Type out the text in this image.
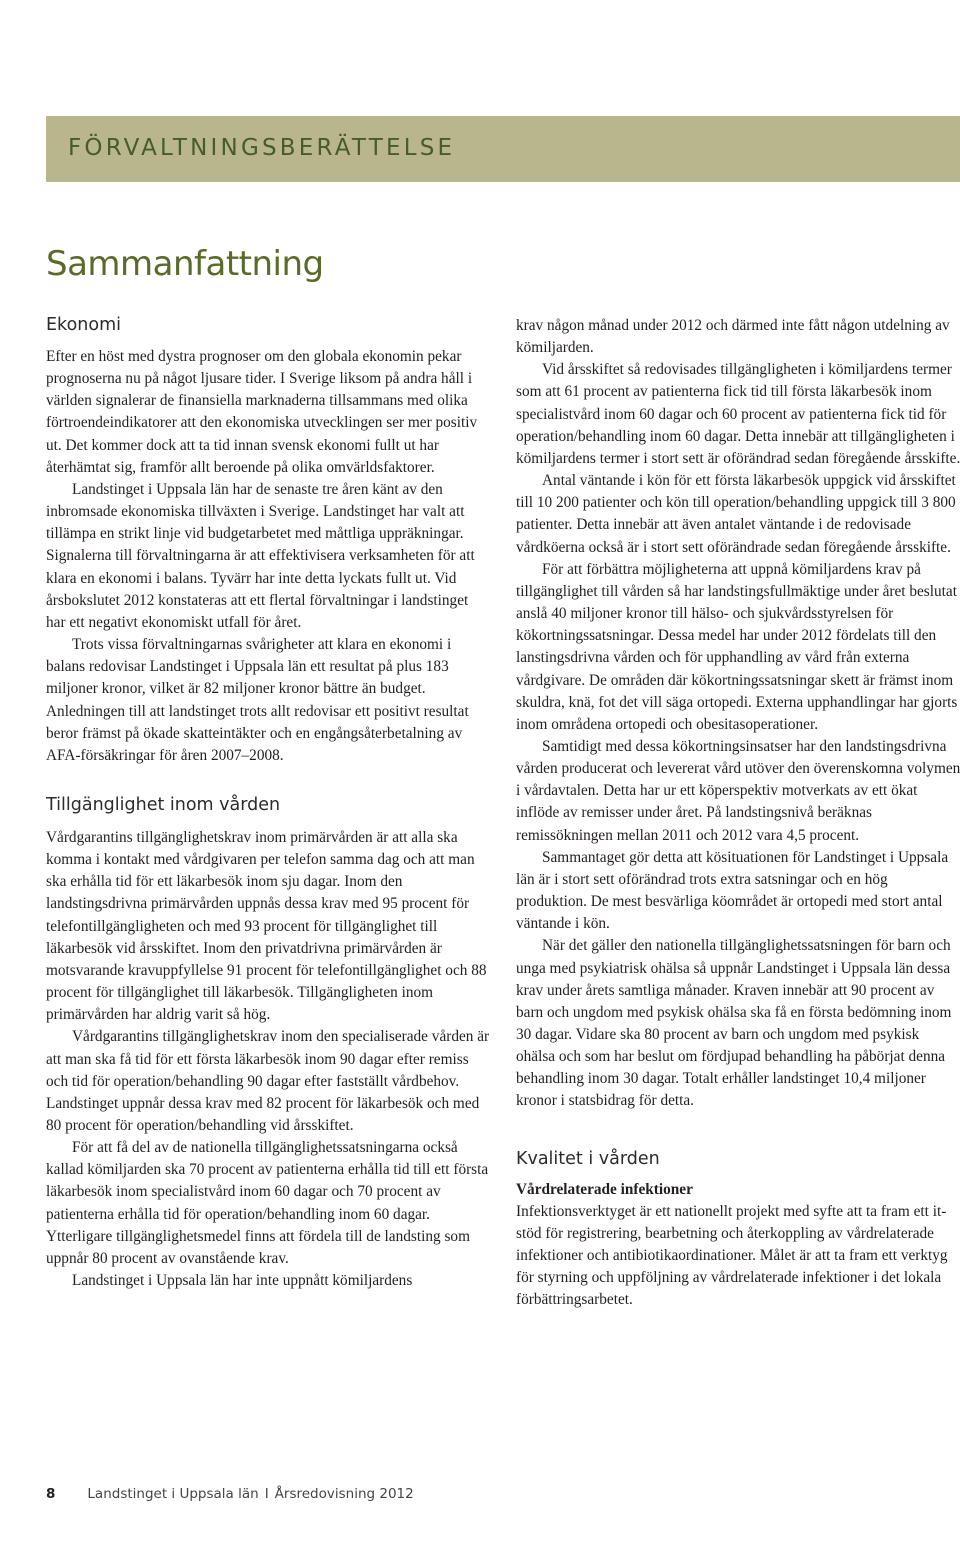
FÖRVALTNINGSBERÄTTELSE
Sammanfattning
Ekonomi

Efter en höst med dystra prognoser om den globala ekonomin pekar prognoserna nu på något ljusare tider. I Sverige liksom på andra håll i världen signalerar de finansiella marknaderna tillsammans med olika förtroendeindikatorer att den ekonomiska utvecklingen ser mer positiv ut. Det kommer dock att ta tid innan svensk ekonomi fullt ut har återhämtat sig, framför allt beroende på olika omvärldsfaktorer.

Landstinget i Uppsala län har de senaste tre åren känt av den inbromsade ekonomiska tillväxten i Sverige. Landstinget har valt att tillämpa en strikt linje vid budgetarbetet med måttliga uppräkningar. Signalerna till förvaltningarna är att effektivisera verksamheten för att klara en ekonomi i balans. Tyvärr har inte detta lyckats fullt ut. Vid årsbokslutet 2012 konstateras att ett flertal förvaltningar i landstinget har ett negativt ekonomiskt utfall för året.

Trots vissa förvaltningarnas svårigheter att klara en ekonomi i balans redovisar Landstinget i Uppsala län ett resultat på plus 183 miljoner kronor, vilket är 82 miljoner kronor bättre än budget. Anledningen till att landstinget trots allt redovisar ett positivt resultat beror främst på ökade skatteintäkter och en engångsåterbetalning av AFA-försäkringar för åren 2007–2008.

Tillgänglighet inom vården

Vårdgarantins tillgänglighetskrav inom primärvården är att alla ska komma i kontakt med vårdgivaren per telefon samma dag och att man ska erhålla tid för ett läkarbesök inom sju dagar. Inom den landstingsdrivna primärvården uppnås dessa krav med 95 procent för telefontillgängligheten och med 93 procent för tillgänglighet till läkarbesök vid årsskiftet. Inom den privatdrivna primärvården är motsvarande kravuppfyllelse 91 procent för telefontillgänglighet och 88 procent för tillgänglighet till läkarbesök. Tillgängligheten inom primärvården har aldrig varit så hög.

Vårdgarantins tillgänglighetskrav inom den specialiserade vården är att man ska få tid för ett första läkarbesök inom 90 dagar efter remiss och tid för operation/behandling 90 dagar efter fastställt vårdbehov. Landstinget uppnår dessa krav med 82 procent för läkarbesök och med 80 procent för operation/behandling vid årsskiftet.

För att få del av de nationella tillgänglighetssatsningarna också kallad kömiljarden ska 70 procent av patienterna erhålla tid till ett första läkarbesök inom specialistvård inom 60 dagar och 70 procent av patienterna erhålla tid för operation/behandling inom 60 dagar. Ytterligare tillgänglighetsmedel finns att fördela till de landsting som uppnår 80 procent av ovanstående krav.

Landstinget i Uppsala län har inte uppnått kömiljardens

krav någon månad under 2012 och därmed inte fått någon utdelning av kömiljarden.

Vid årsskiftet så redovisades tillgängligheten i kömiljardens termer som att 61 procent av patienterna fick tid till första läkarbesök inom specialistvård inom 60 dagar och 60 procent av patienterna fick tid för operation/behandling inom 60 dagar. Detta innebär att tillgängligheten i kömiljardens termer i stort sett är oförändrad sedan föregående årsskifte.

Antal väntande i kön för ett första läkarbesök uppgick vid årsskiftet till 10 200 patienter och kön till operation/behandling uppgick till 3 800 patienter. Detta innebär att även antalet väntande i de redovisade vårdköerna också är i stort sett oförändrade sedan föregående årsskifte.

För att förbättra möjligheterna att uppnå kömiljardens krav på tillgänglighet till vården så har landstingsfullmäktige under året beslutat anslå 40 miljoner kronor till hälso- och sjukvårdsstyrelsen för kökortningssatsningar. Dessa medel har under 2012 fördelats till den lanstingsdrivna vården och för upphandling av vård från externa vårdgivare. De områden där kökortningssatsningar skett är främst inom skuldra, knä, fot det vill säga ortopedi. Externa upphandlingar har gjorts inom områdena ortopedi och obesitasoperationer.

Samtidigt med dessa kökortningsinsatser har den landstingsdrivna vården producerat och levererat vård utöver den överenskomna volymen i vårdavtalen. Detta har ur ett köperspektiv motverkats av ett ökat inflöde av remisser under året. På landstingsnivå beräknas remissökningen mellan 2011 och 2012 vara 4,5 procent.

Sammantaget gör detta att kösituationen för Landstinget i Uppsala län är i stort sett oförändrad trots extra satsningar och en hög produktion. De mest besvärliga köområdet är ortopedi med stort antal väntande i kön.

När det gäller den nationella tillgänglighetssatsningen för barn och unga med psykiatrisk ohälsa så uppnår Landstinget i Uppsala län dessa krav under årets samtliga månader. Kraven innebär att 90 procent av barn och ungdom med psykisk ohälsa ska få en första bedömning inom 30 dagar. Vidare ska 80 procent av barn och ungdom med psykisk ohälsa och som har beslut om fördjupad behandling ha påbörjat denna behandling inom 30 dagar. Totalt erhåller landstinget 10,4 miljoner kronor i statsbidrag för detta.

Kvalitet i vården
Vårdrelaterade infektioner

Infektionsverktyget är ett nationellt projekt med syfte att ta fram ett it-stöd för registrering, bearbetning och återkoppling av vårdrelaterade infektioner och antibiotikaordinationer. Målet är att ta fram ett verktyg för styrning och uppföljning av vårdrelaterade infektioner i det lokala förbättringsarbetet.

8 Landstinget i Uppsala län I Årsredovisning 2012
